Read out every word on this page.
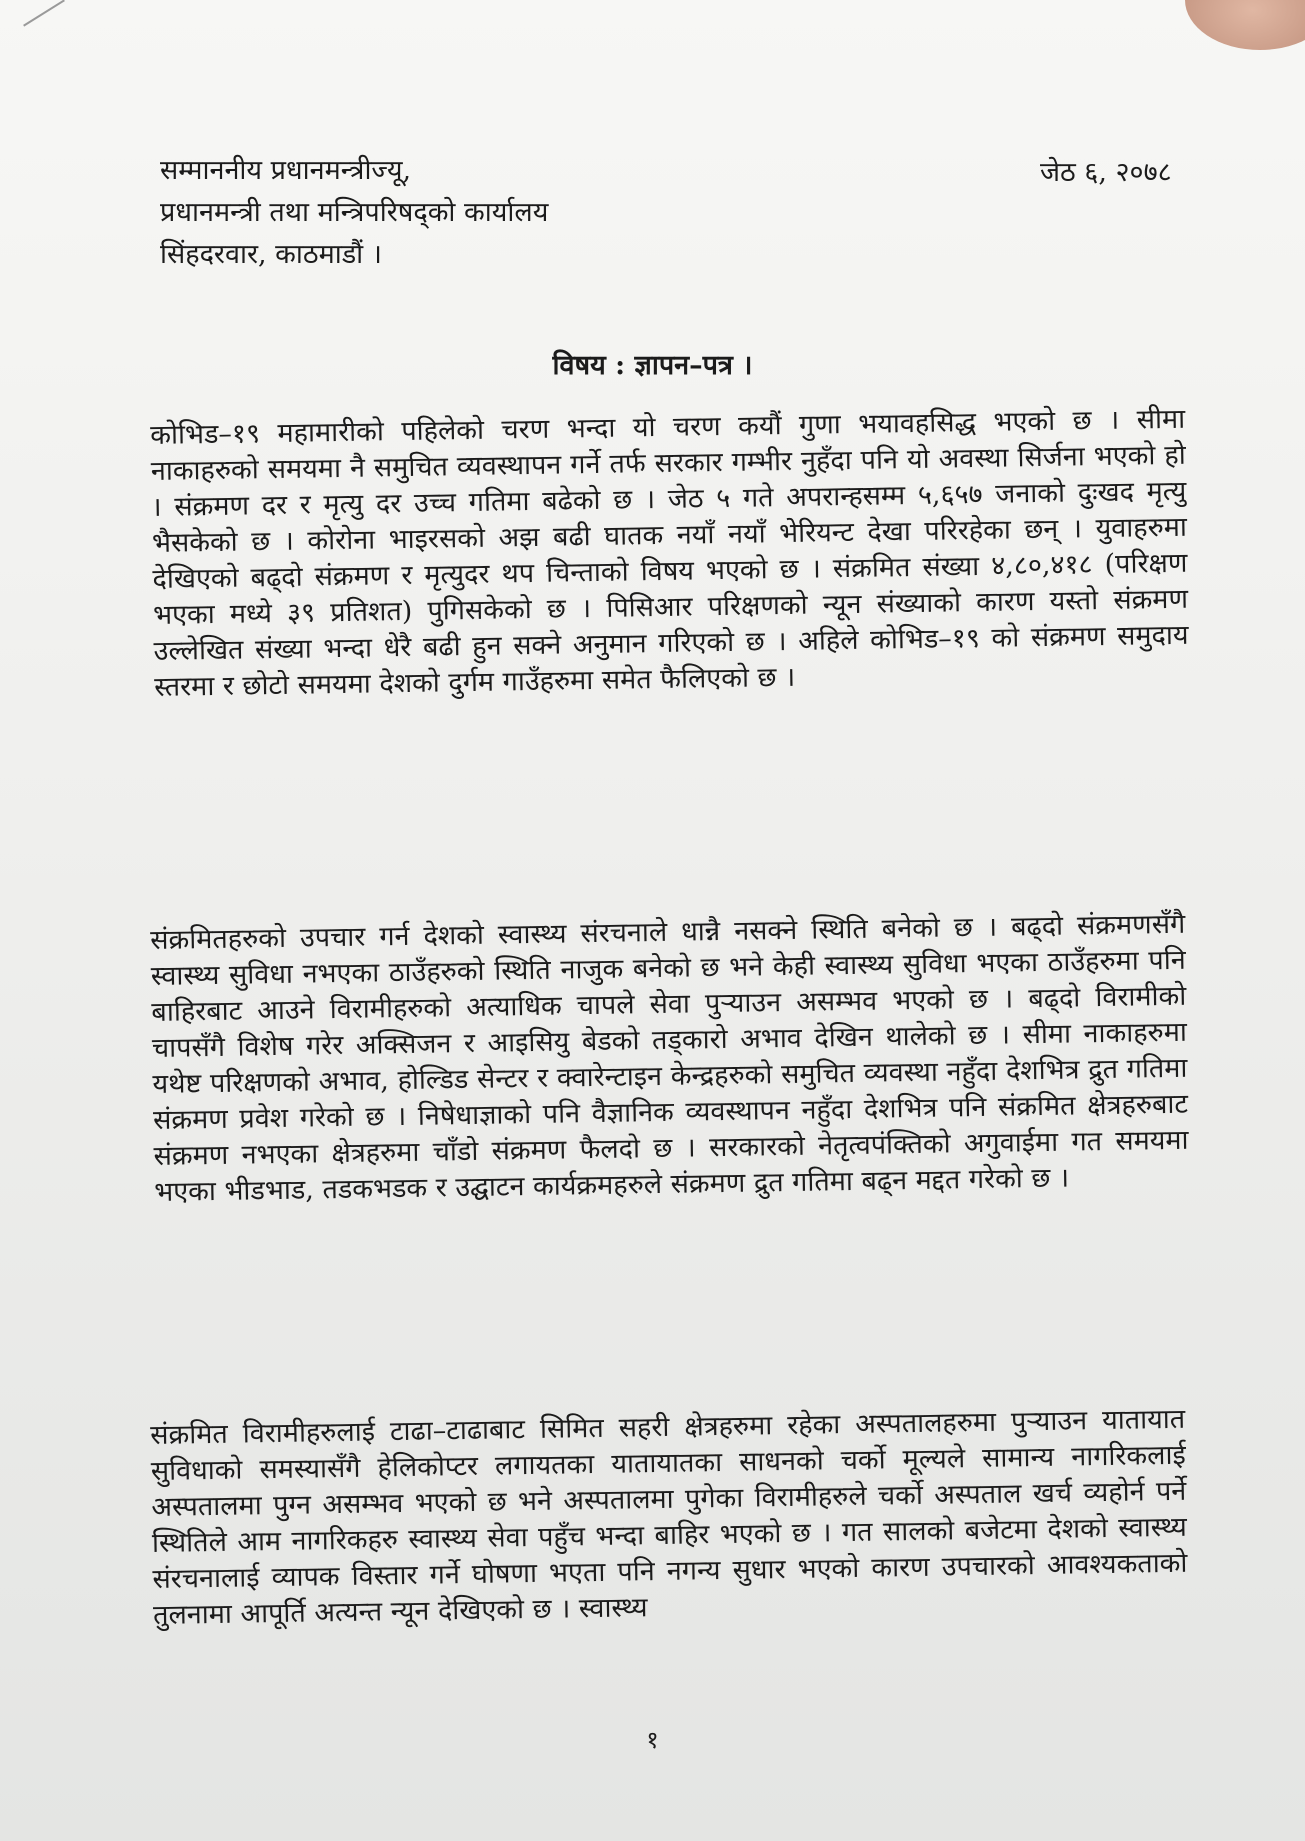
सम्माननीय प्रधानमन्त्रीज्यू,
प्रधानमन्त्री तथा मन्त्रिपरिषद्को कार्यालय
सिंहदरवार, काठमाडौं ।
जेठ ६, २०७८
विषय : ज्ञापन–पत्र ।
कोभिड–१९ महामारीको पहिलेको चरण भन्दा यो चरण कयौं गुणा भयावहसिद्ध भएको छ । सीमा नाकाहरुको समयमा नै समुचित व्यवस्थापन गर्ने तर्फ सरकार गम्भीर नुहँदा पनि यो अवस्था सिर्जना भएको हो । संक्रमण दर र मृत्यु दर उच्च गतिमा बढेको छ । जेठ ५ गते अपरान्हसम्म ५,६५७ जनाको दुःखद मृत्यु भैसकेको छ । कोरोना भाइरसको अझ बढी घातक नयाँ नयाँ भेरियन्ट देखा परिरहेका छन् । युवाहरुमा देखिएको बढ्दो संक्रमण र मृत्युदर थप चिन्ताको विषय भएको छ । संक्रमित संख्या ४,८०,४१८ (परिक्षण भएका मध्ये ३९ प्रतिशत) पुगिसकेको छ । पिसिआर परिक्षणको न्यून संख्याको कारण यस्तो संक्रमण उल्लेखित संख्या भन्दा धेरै बढी हुन सक्ने अनुमान गरिएको छ । अहिले कोभिड–१९ को संक्रमण समुदाय स्तरमा र छोटो समयमा देशको दुर्गम गाउँहरुमा समेत फैलिएको छ ।
संक्रमितहरुको उपचार गर्न देशको स्वास्थ्य संरचनाले धान्नै नसक्ने स्थिति बनेको छ । बढ्दो संक्रमणसँगै स्वास्थ्य सुविधा नभएका ठाउँहरुको स्थिति नाजुक बनेको छ भने केही स्वास्थ्य सुविधा भएका ठाउँहरुमा पनि बाहिरबाट आउने विरामीहरुको अत्याधिक चापले सेवा पुर्‍याउन असम्भव भएको छ । बढ्दो विरामीको चापसँगै विशेष गरेर अक्सिजन र आइसियु बेडको तड्कारो अभाव देखिन थालेको छ । सीमा नाकाहरुमा यथेष्ट परिक्षणको अभाव, होल्डिड सेन्टर र क्वारेन्टाइन केन्द्रहरुको समुचित व्यवस्था नहुँदा देशभित्र द्रुत गतिमा संक्रमण प्रवेश गरेको छ । निषेधाज्ञाको पनि वैज्ञानिक व्यवस्थापन नहुँदा देशभित्र पनि संक्रमित क्षेत्रहरुबाट संक्रमण नभएका क्षेत्रहरुमा चाँडो संक्रमण फैलदो छ । सरकारको नेतृत्वपंक्तिको अगुवाईमा गत समयमा भएका भीडभाड, तडकभडक र उद्घाटन कार्यक्रमहरुले संक्रमण द्रुत गतिमा बढ्न मद्दत गरेको छ ।
संक्रमित विरामीहरुलाई टाढा–टाढाबाट सिमित सहरी क्षेत्रहरुमा रहेका अस्पतालहरुमा पुर्‍याउन यातायात सुविधाको समस्यासँगै हेलिकोप्टर लगायतका यातायातका साधनको चर्को मूल्यले सामान्य नागरिकलाई अस्पतालमा पुग्न असम्भव भएको छ भने अस्पतालमा पुगेका विरामीहरुले चर्को अस्पताल खर्च व्यहोर्न पर्ने स्थितिले आम नागरिकहरु स्वास्थ्य सेवा पहुँच भन्दा बाहिर भएको छ । गत सालको बजेटमा देशको स्वास्थ्य संरचनालाई व्यापक विस्तार गर्ने घोषणा भएता पनि नगन्य सुधार भएको कारण उपचारको आवश्यकताको तुलनामा आपूर्ति अत्यन्त न्यून देखिएको छ । स्वास्थ्य
१
